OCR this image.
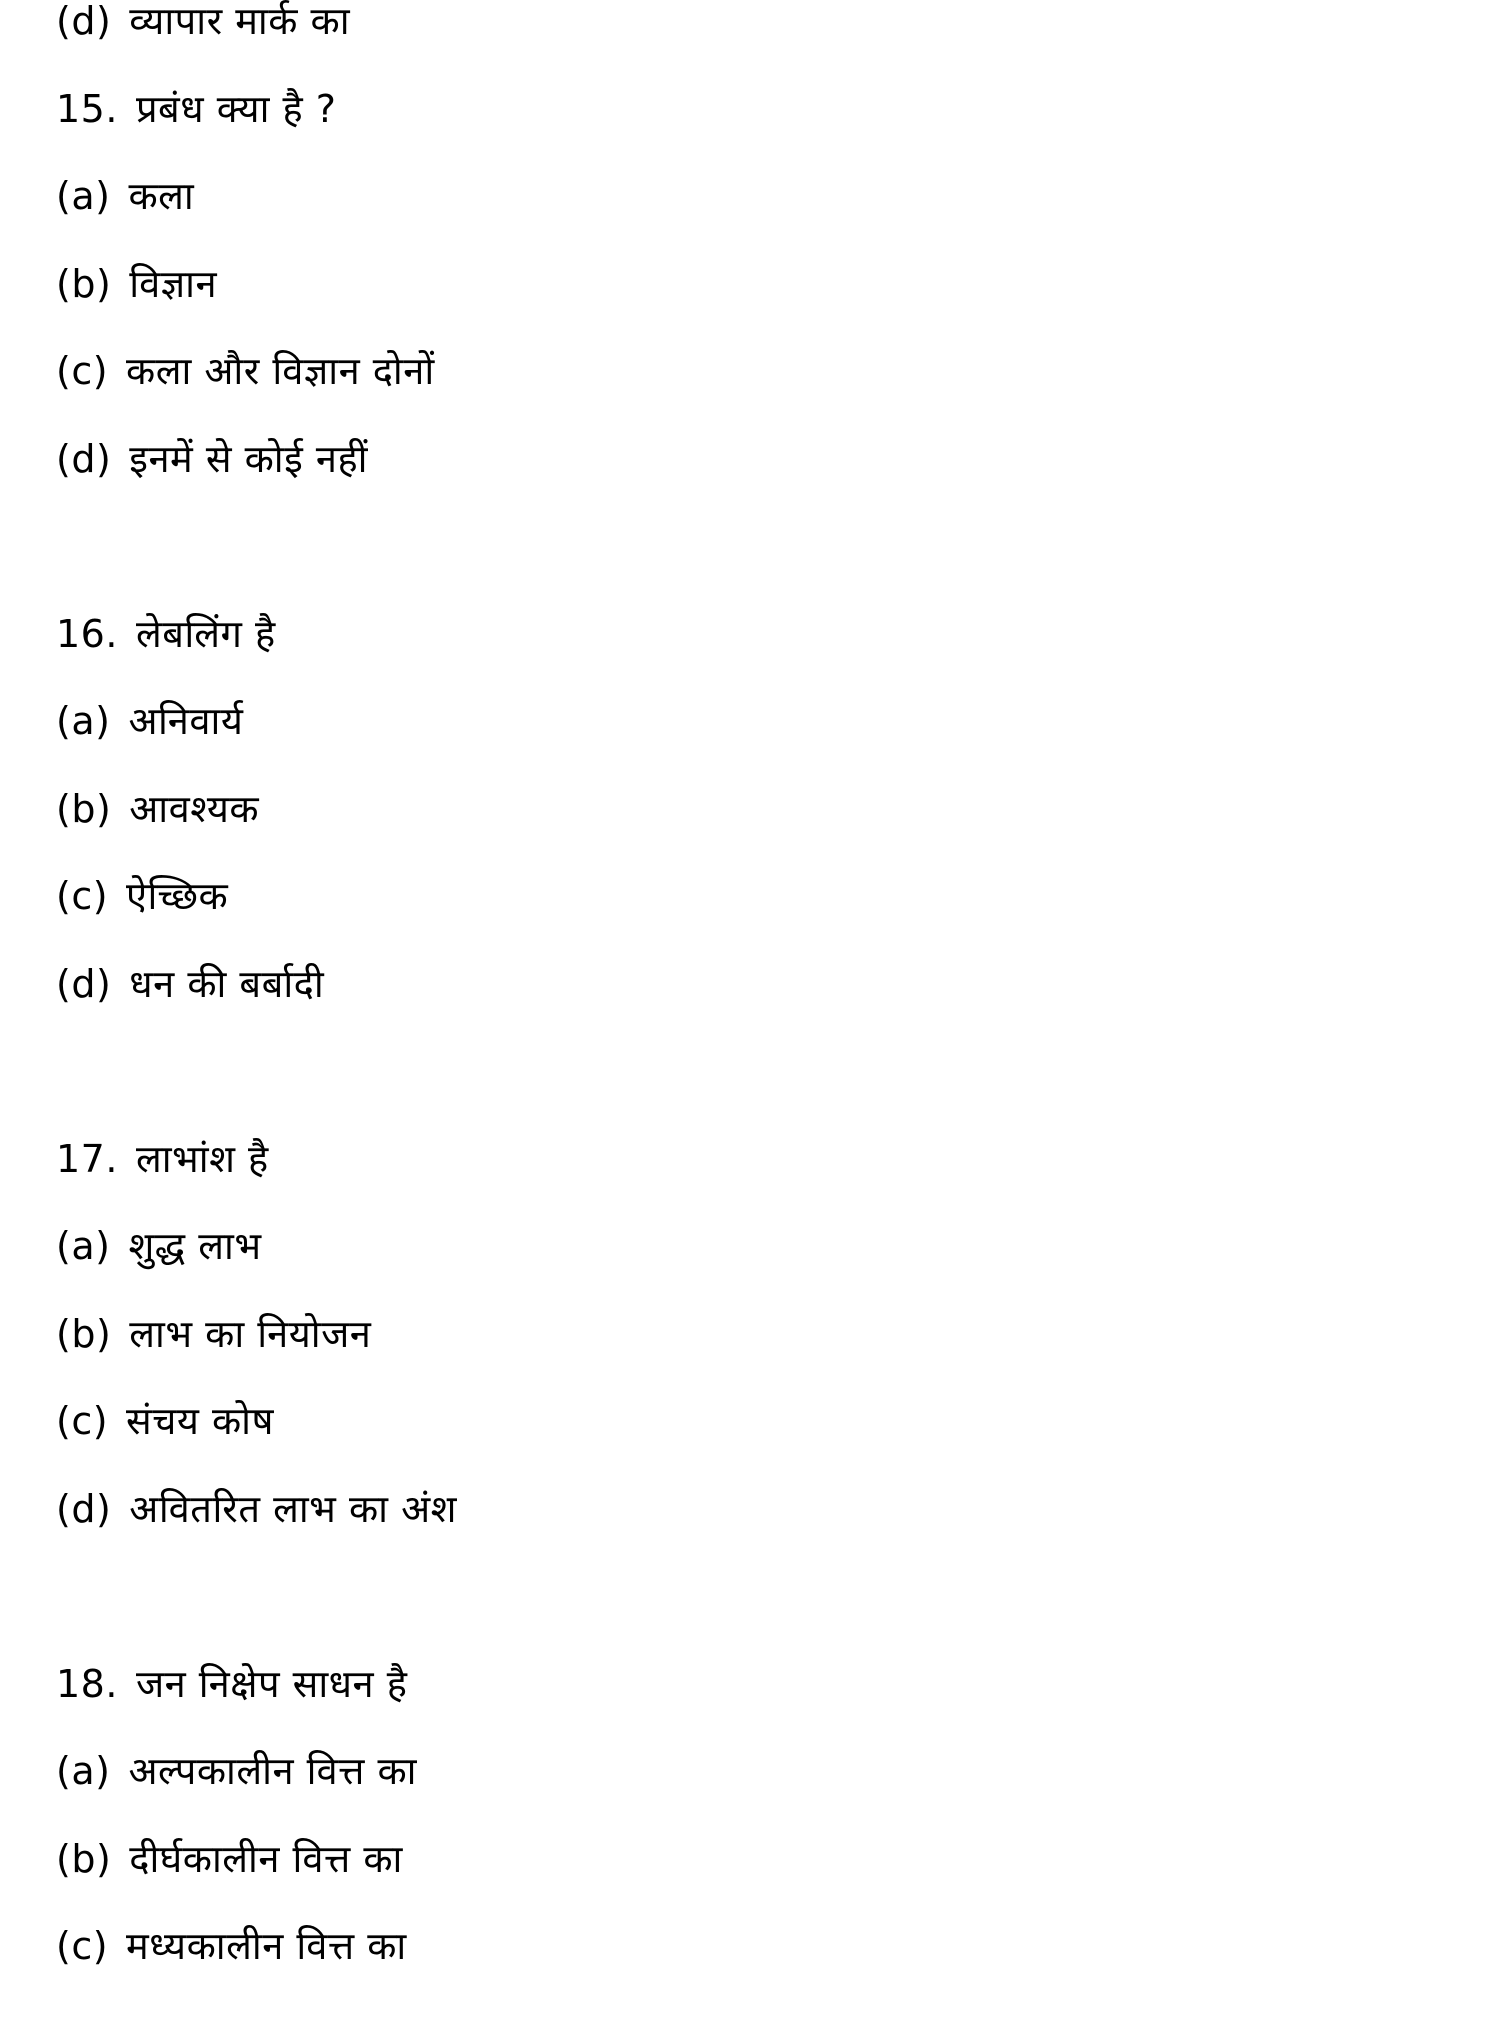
(d) व्यापार मार्क का
15. प्रबंध क्या है ?
(a) कला
(b) विज्ञान
(c) कला और विज्ञान दोनों
(d) इनमें से कोई नहीं
16. लेबलिंग है
(a) अनिवार्य
(b) आवश्यक
(c) ऐच्छिक
(d) धन की बर्बादी
17. लाभांश है
(a) शुद्ध लाभ
(b) लाभ का नियोजन
(c) संचय कोष
(d) अवितरित लाभ का अंश
18. जन निक्षेप साधन है
(a) अल्पकालीन वित्त का
(b) दीर्घकालीन वित्त का
(c) मध्यकालीन वित्त का
